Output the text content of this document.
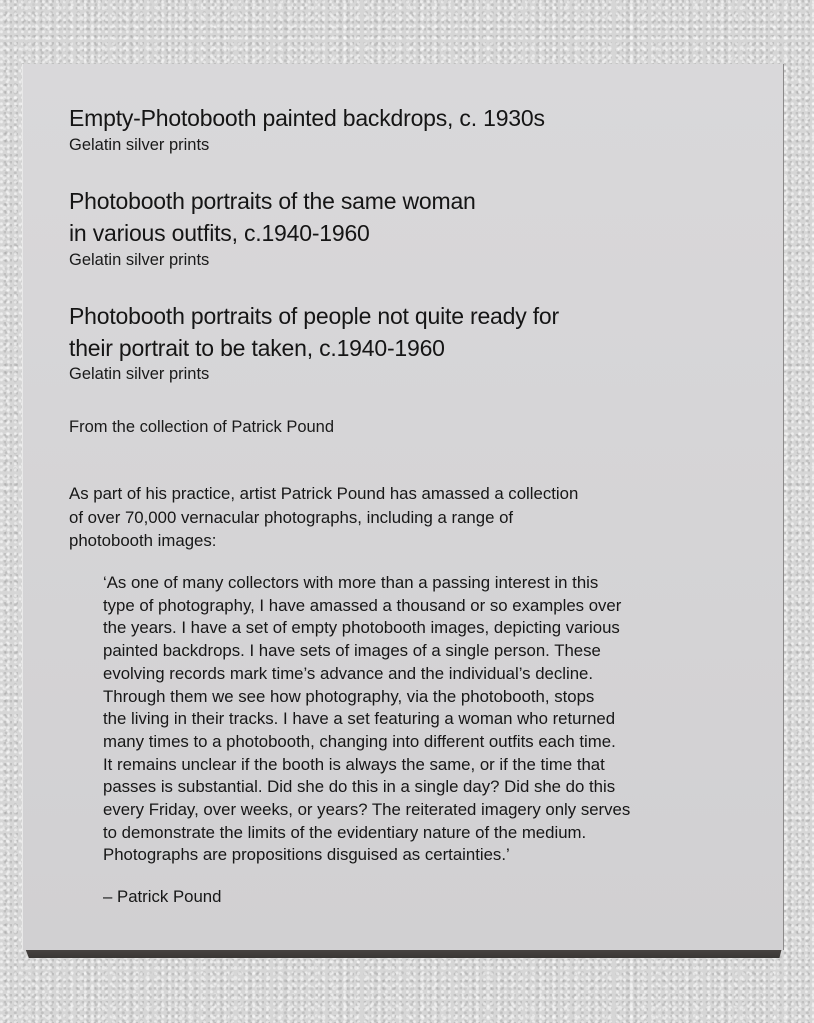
Empty-Photobooth painted backdrops, c. 1930s
Gelatin silver prints
Photobooth portraits of the same woman
in various outfits, c.1940-1960
Gelatin silver prints
Photobooth portraits of people not quite ready for
their portrait to be taken, c.1940-1960
Gelatin silver prints
From the collection of Patrick Pound
As part of his practice, artist Patrick Pound has amassed a collection
of over 70,000 vernacular photographs, including a range of
photobooth images:
‘As one of many collectors with more than a passing interest in this
type of photography, I have amassed a thousand or so examples over
the years. I have a set of empty photobooth images, depicting various
painted backdrops. I have sets of images of a single person. These
evolving records mark time’s advance and the individual’s decline.
Through them we see how photography, via the photobooth, stops
the living in their tracks. I have a set featuring a woman who returned
many times to a photobooth, changing into different outfits each time.
It remains unclear if the booth is always the same, or if the time that
passes is substantial. Did she do this in a single day? Did she do this
every Friday, over weeks, or years? The reiterated imagery only serves
to demonstrate the limits of the evidentiary nature of the medium.
Photographs are propositions disguised as certainties.’
– Patrick Pound
